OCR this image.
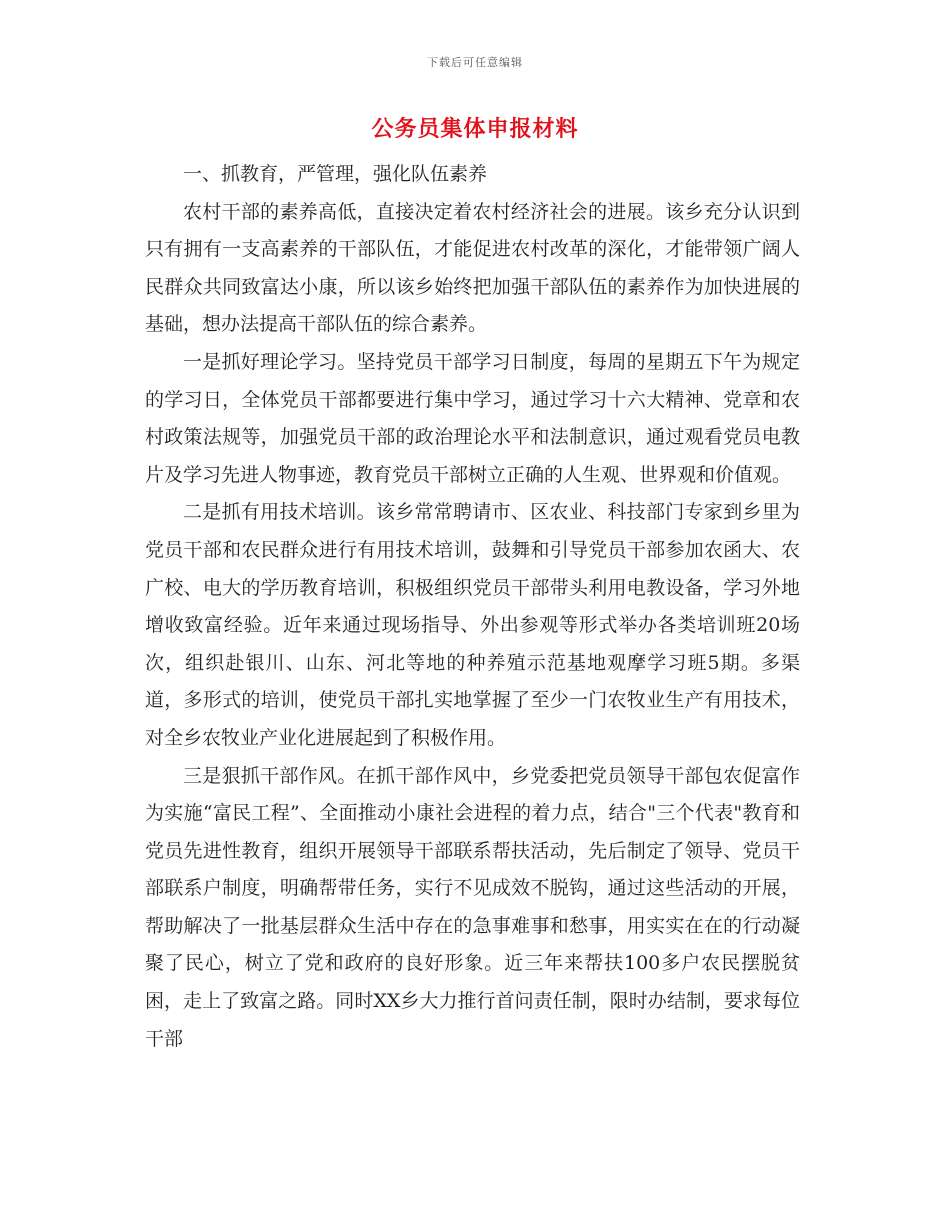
下载后可任意编辑
公务员集体申报材料

一、抓教育，严管理，强化队伍素养

农村干部的素养高低，直接决定着农村经济社会的进展。该乡充分认识到只有拥有一支高素养的干部队伍，才能促进农村改革的深化，才能带领广阔人民群众共同致富达小康，所以该乡始终把加强干部队伍的素养作为加快进展的基础，想办法提高干部队伍的综合素养。

一是抓好理论学习。坚持党员干部学习日制度，每周的星期五下午为规定的学习日，全体党员干部都要进行集中学习，通过学习十六大精神、党章和农村政策法规等，加强党员干部的政治理论水平和法制意识，通过观看党员电教片及学习先进人物事迹，教育党员干部树立正确的人生观、世界观和价值观。

二是抓有用技术培训。该乡常常聘请市、区农业、科技部门专家到乡里为党员干部和农民群众进行有用技术培训，鼓舞和引导党员干部参加农函大、农广校、电大的学历教育培训，积极组织党员干部带头利用电教设备，学习外地增收致富经验。近年来通过现场指导、外出参观等形式举办各类培训班20场次，组织赴银川、山东、河北等地的种养殖示范基地观摩学习班5期。多渠道，多形式的培训，使党员干部扎实地掌握了至少一门农牧业生产有用技术，对全乡农牧业产业化进展起到了积极作用。

三是狠抓干部作风。在抓干部作风中，乡党委把党员领导干部包农促富作为实施“富民工程”、全面推动小康社会进程的着力点，结合"三个代表"教育和党员先进性教育，组织开展领导干部联系帮扶活动，先后制定了领导、党员干部联系户制度，明确帮带任务，实行不见成效不脱钩，通过这些活动的开展，帮助解决了一批基层群众生活中存在的急事难事和愁事，用实实在在的行动凝聚了民心，树立了党和政府的良好形象。近三年来帮扶100多户农民摆脱贫困，走上了致富之路。同时XX乡大力推行首问责任制，限时办结制，要求每位干部
